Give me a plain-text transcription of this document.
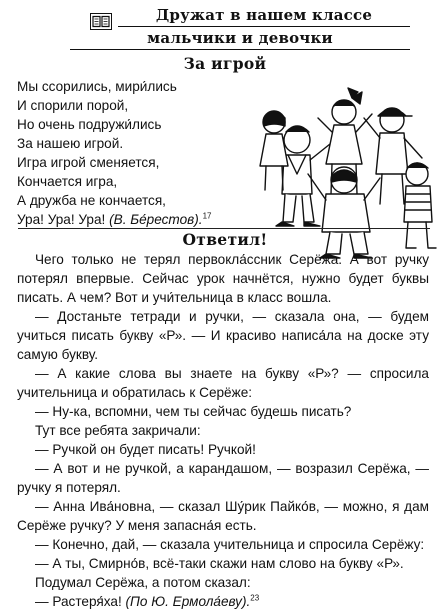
Дружат в нашем классе
мальчики и девочки
За игрой
Мы ссорились, мири́лись
И спорили порой,
Но очень подружи́лись
За нашею игрой.
Игра игрой сменяется,
Кончается игра,
А дружба не кончается,
Ура! Ура! Ура! (В. Бе́рестов).$^{17}$
Ответил!

Чего только не терял первокла́ссник Серёжа. А вот ручку потерял впервые. Сейчас урок начнётся, нужно будет буквы писать. А чем? Вот и учи́тельница в класс вошла.

— Достаньте тетради и ручки, — сказала она, — будем учиться писать букву «Р». — И красиво написа́ла на доске эту самую букву.

— А какие слова вы знаете на букву «Р»? — спросила учительница и обратилась к Серёже:

— Ну-ка, вспомни, чем ты сейчас будешь писать?

Тут все ребята закричали:

— Ручкой он будет писать! Ручкой!

— А вот и не ручкой, а карандашом, — возразил Серёжа, — ручку я потерял.

— Анна Ива́новна, — сказал Шу́рик Пайко́в, — можно, я дам Серёже ручку? У меня запасна́я есть.

— Конечно, дай, — сказала учительница и спросила Серёжу:

— А ты, Смирно́в, всё-таки скажи нам слово на букву «Р».

Подумал Серёжа, а потом сказал:

— Растеря́ха! (По Ю. Ермола́еву).$^{23}$
